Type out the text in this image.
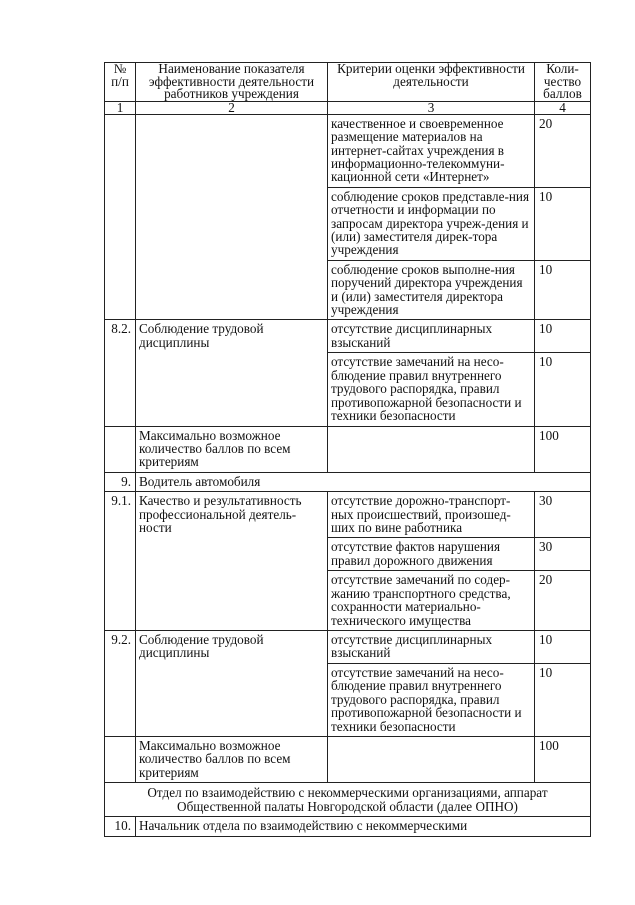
№ п/п	Наименование показателя эффективности деятельности работников учреждения	Критерии оценки эффективности деятельности	Коли-чество баллов
1	2	3	4
		качественное и своевременное размещение материалов на интернет-сайтах учреждения в информационно-телекоммуни-кационной сети «Интернет»	20
		соблюдение сроков представле-ния отчетности и информации по запросам директора учреж-дения и (или) заместителя дирек-тора учреждения	10
		соблюдение сроков выполне-ния поручений директора учреждения и (или) заместителя директора учреждения	10
8.2.	Соблюдение трудовой дисциплины	отсутствие дисциплинарных взысканий	10
		отсутствие замечаний на несо-блюдение правил внутреннего трудового распорядка, правил противопожарной безопасности и техники безопасности	10
	Максимально возможное количество баллов по всем критериям		100
9.	Водитель автомобиля		
9.1.	Качество и результативность профессиональной деятель-ности	отсутствие дорожно-транспорт-ных происшествий, произошед-ших по вине работника	30
		отсутствие фактов нарушения правил дорожного движения	30
		отсутствие замечаний по содер-жанию транспортного средства, сохранности материально-технического имущества	20
9.2.	Соблюдение трудовой дисциплины	отсутствие дисциплинарных взысканий	10
		отсутствие замечаний на несо-блюдение правил внутреннего трудового распорядка, правил противопожарной безопасности и техники безопасности	10
	Максимально возможное количество баллов по всем критериям		100
Отдел по взаимодействию с некоммерческими организациями, аппарат Общественной палаты Новгородской области (далее ОПНО)			
10.	Начальник отдела по взаимодействию с некоммерческими		
